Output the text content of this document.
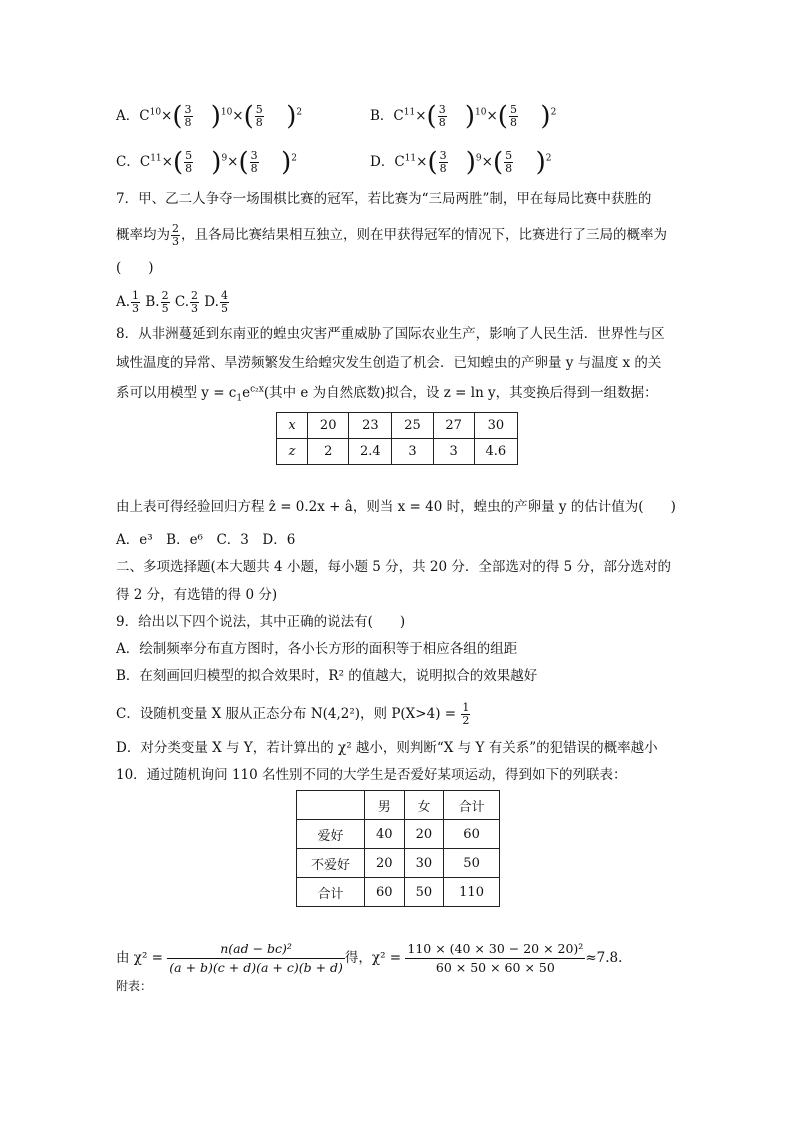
A．$C^{10}\times( \frac{3}{8} )^{10}\times( \frac{5}{8} )^2$	B．$C^{11}\times( \frac{3}{8} )^{10}\times( \frac{5}{8} )^2$
C．$C^{11}\times( \frac{5}{8} )^9\times( \frac{3}{8} )^2$	D．$C^{11}\times( \frac{3}{8} )^9\times( \frac{5}{8} )^2$
7．甲、乙二人争夺一场围棋比赛的冠军，若比赛为“三局两胜”制，甲在每局比赛中获胜的
概率均为 $\frac{2}{3}$ ，且各局比赛结果相互独立，则在甲获得冠军的情况下，比赛进行了三局的概率为
(　　)
A. $\frac{1}{3} B$. $\frac{2}{5} C$. $\frac{2}{3} D$. $\frac{4}{5}$
8．从非洲蔓延到东南亚的蝗虫灾害严重威胁了国际农业生产，影响了人民生活．世界性与区
域性温度的异常、旱涝频繁发生给蝗灾发生创造了机会．已知蝗虫的产卵量 y 与温度 x 的关
系可以用模型 $y = c_1e^{c_2x}$(其中 e 为自然底数)拟合，设 z = ln y，其变换后得到一组数据：
x	20	23	25	27	30
z	2	2.4	3	3	4.6
由上表可得经验回归方程 ẑ = 0.2x + â，则当 x = 40 时，蝗虫的产卵量 y 的估计值为(　　)
A．e³　B．e⁶　C．3　D．6
二、多项选择题(本大题共 4 小题，每小题 5 分，共 20 分．全部选对的得 5 分，部分选对的
得 2 分，有选错的得 0 分)
9．给出以下四个说法，其中正确的说法有(　　)
A．绘制频率分布直方图时，各小长方形的面积等于相应各组的组距
B．在刻画回归模型的拟合效果时，R² 的值越大，说明拟合的效果越好
C．设随机变量 X 服从正态分布 N(4,2²)，则 $P(X>4) = \frac{1}{2}$
D．对分类变量 X 与 Y，若计算出的 χ² 越小，则判断“X 与 Y 有关系”的犯错误的概率越小
10．通过随机询问 110 名性别不同的大学生是否爱好某项运动，得到如下的列联表：
	男	女	合计
爱好	40	20	60
不爱好	20	30	50
合计	60	50	110
由 $\chi^2 = \frac{\text{n(ad − bc)²}}{(a + b)(c + d)(a + c)(b + d)}$ 得，$\chi^2 = \frac{\text{110 × (40 × 30 − 20 × 20)²}}{60 \times 50 \times 60 \times 50} \approx 7.8$.
附表：
